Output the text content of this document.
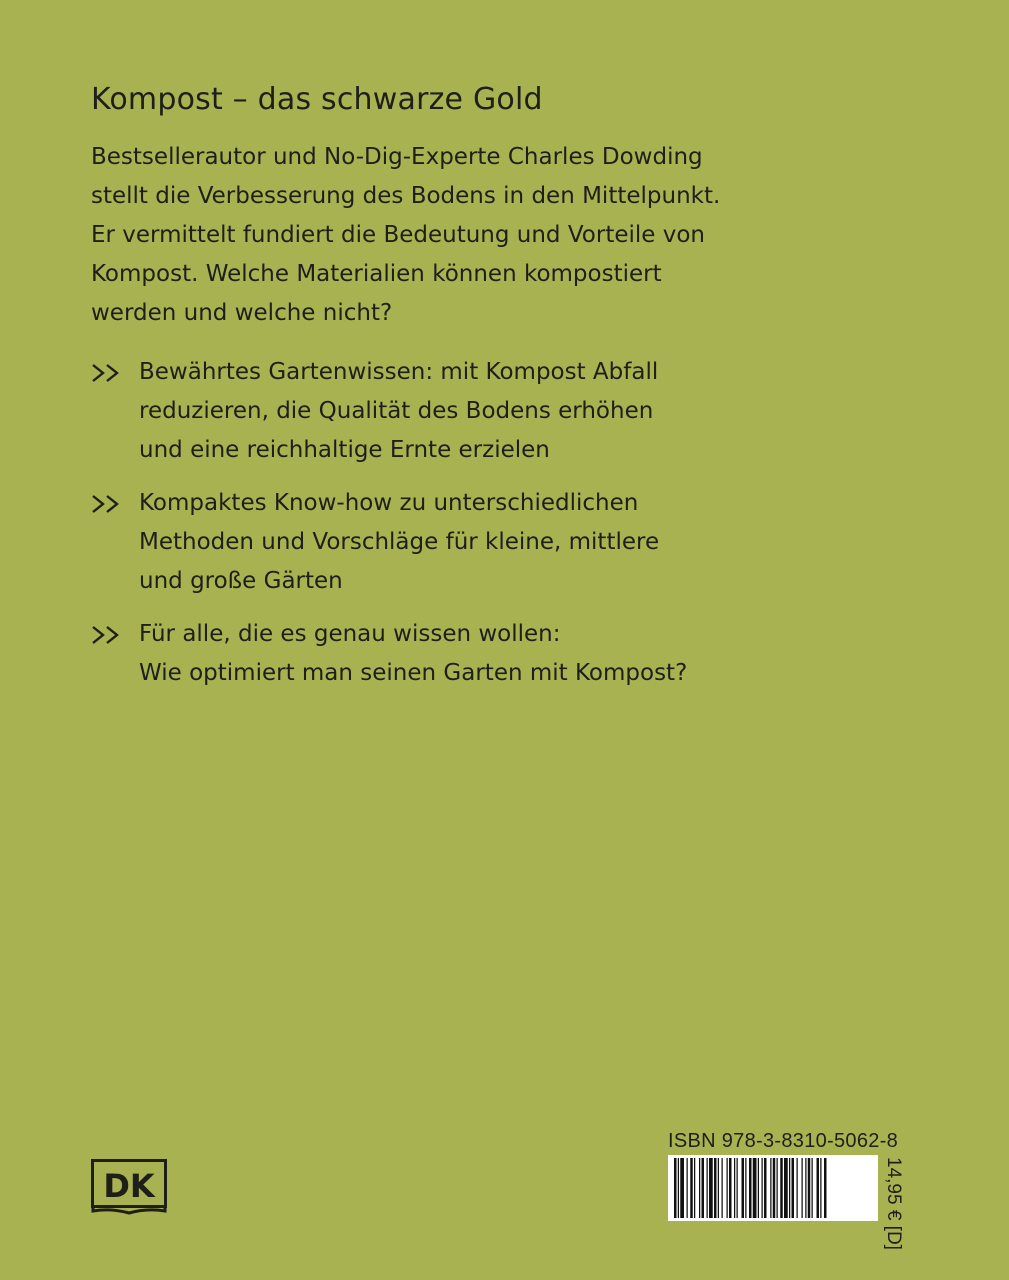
Kompost – das schwarze Gold

Bestsellerautor und No-Dig-Experte Charles Dowding
stellt die Verbesserung des Bodens in den Mittelpunkt.
Er vermittelt fundiert die Bedeutung und Vorteile von
Kompost. Welche Materialien können kompostiert
werden und welche nicht?

Bewährtes Gartenwissen: mit Kompost Abfall
reduzieren, die Qualität des Bodens erhöhen
und eine reichhaltige Ernte erzielen
Kompaktes Know-how zu unterschiedlichen
Methoden und Vorschläge für kleine, mittlere
und große Gärten
Für alle, die es genau wissen wollen:
Wie optimiert man seinen Garten mit Kompost?
DK
ISBN 978-3-8310-5062-8
14,95 € [D]
